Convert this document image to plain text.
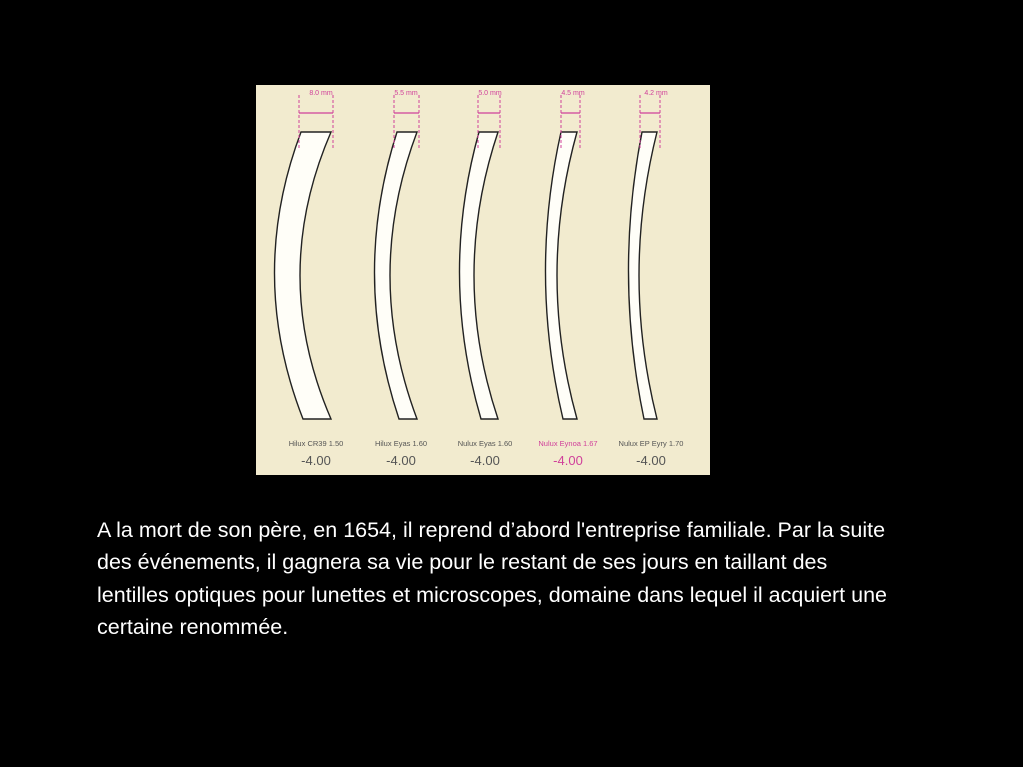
8.0 mm
Hilux CR39 1.50
-4.00
5.5 mm
Hilux Eyas 1.60
-4.00
5.0 mm
Nulux Eyas 1.60
-4.00
4.5 mm
Nulux Eynoa 1.67
-4.00
4.2 mm
Nulux EP Eyry 1.70
-4.00

A la mort de son père, en 1654, il reprend d’abord l'entreprise familiale. Par la suite des événements, il gagnera sa vie pour le restant de ses jours en taillant des lentilles optiques pour lunettes et microscopes, domaine dans lequel il acquiert une certaine renommée.
